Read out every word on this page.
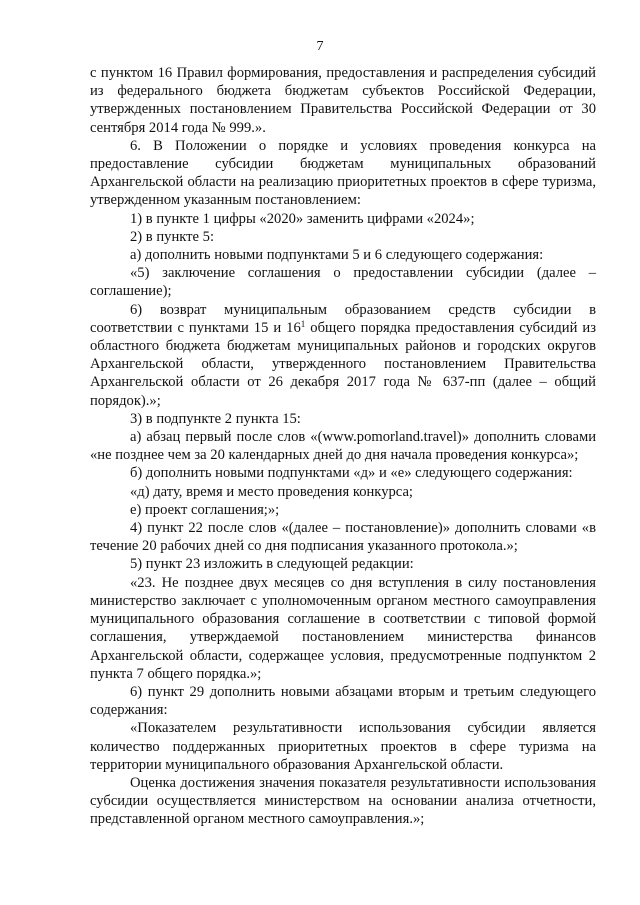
7

с пунктом 16 Правил формирования, предоставления и распределения субсидий из федерального бюджета бюджетам субъектов Российской Федерации, утвержденных постановлением Правительства Российской Федерации от 30 сентября 2014 года № 999.».

6. В Положении о порядке и условиях проведения конкурса на предоставление субсидии бюджетам муниципальных образований Архангельской области на реализацию приоритетных проектов в сфере туризма, утвержденном указанным постановлением:

1) в пункте 1 цифры «2020» заменить цифрами «2024»;

2) в пункте 5:

а) дополнить новыми подпунктами 5 и 6 следующего содержания:

«5) заключение соглашения о предоставлении субсидии (далее – соглашение);

6) возврат муниципальным образованием средств субсидии в соответствии с пунктами 15 и $16^1$ общего порядка предоставления субсидий из областного бюджета бюджетам муниципальных районов и городских округов Архангельской области, утвержденного постановлением Правительства Архангельской области от 26 декабря 2017 года № 637-пп (далее – общий порядок).»;

3) в подпункте 2 пункта 15:

а) абзац первый после слов «(www.pomorland.travel)» дополнить словами «не позднее чем за 20 календарных дней до дня начала проведения конкурса»;

б) дополнить новыми подпунктами «д» и «е» следующего содержания:

«д) дату, время и место проведения конкурса;

е) проект соглашения;»;

4) пункт 22 после слов «(далее – постановление)» дополнить словами «в течение 20 рабочих дней со дня подписания указанного протокола.»;

5) пункт 23 изложить в следующей редакции:

«23. Не позднее двух месяцев со дня вступления в силу постановления министерство заключает с уполномоченным органом местного самоуправления муниципального образования соглашение в соответствии с типовой формой соглашения, утверждаемой постановлением министерства финансов Архангельской области, содержащее условия, предусмотренные подпунктом 2 пункта 7 общего порядка.»;

6) пункт 29 дополнить новыми абзацами вторым и третьим следующего содержания:

«Показателем результативности использования субсидии является количество поддержанных приоритетных проектов в сфере туризма на территории муниципального образования Архангельской области.

Оценка достижения значения показателя результативности использования субсидии осуществляется министерством на основании анализа отчетности, представленной органом местного самоуправления.»;
